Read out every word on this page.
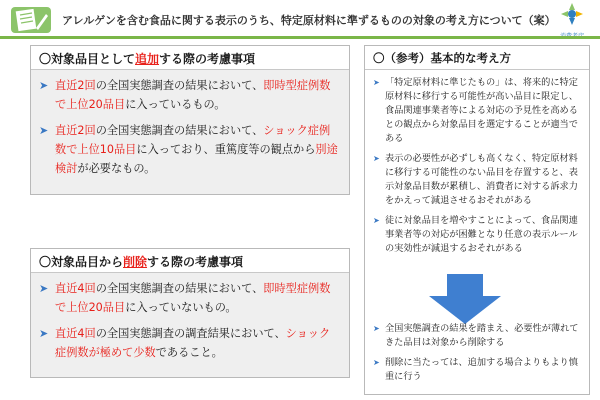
アレルゲンを含む食品に関する表示のうち、特定原材料に準ずるものの対象の考え方について（案）
〇対象品目として追加する際の考慮事項
➤ 直近2回の全国実態調査の結果において、即時型症例数で上位20品目に入っているもの。
➤ 直近2回の全国実態調査の結果において、ショック症例数で上位10品目に入っており、重篤度等の観点から別途検討が必要なもの。
〇対象品目から削除する際の考慮事項
➤ 直近4回の全国実態調査の結果において、即時型症例数で上位20品目に入っていないもの。
➤ 直近4回の全国実態調査の調査結果において、ショック症例数が極めて少数であること。
〇（参考）基本的な考え方
➤ 「特定原材料に準じたもの」は、将来的に特定原材料に移行する可能性が高い品目に限定し、食品関連事業者等による対応の予見性を高めるとの観点から対象品目を選定することが適当である
➤ 表示の必要性が必ずしも高くなく、特定原材料に移行する可能性のない品目を存置すると、表示対象品目数が累積し、消費者に対する訴求力をかえって減退させるおそれがある
➤ 徒に対象品目を増やすことによって、食品関連事業者等の対応が困難となり任意の表示ルールの実効性が減退するおそれがある
➤ 全国実態調査の結果を踏まえ、必要性が薄れてきた品目は対象から削除する
➤ 削除に当たっては、追加する場合よりもより慎重に行う
